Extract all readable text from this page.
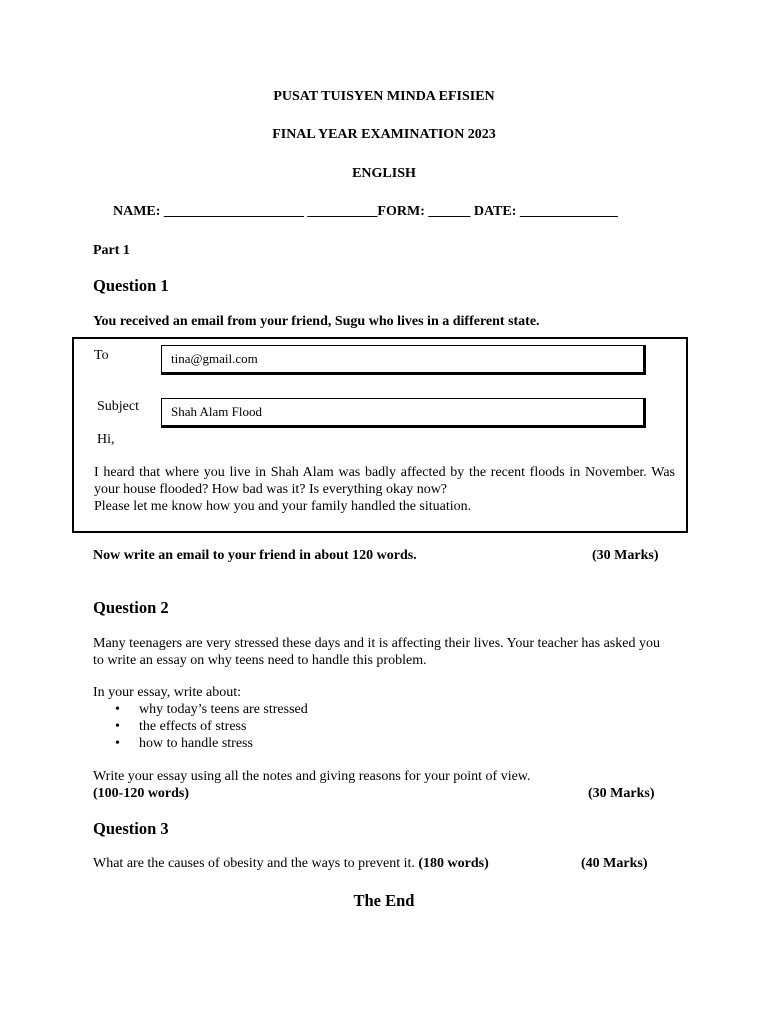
PUSAT TUISYEN MINDA EFISIEN
FINAL YEAR EXAMINATION 2023
ENGLISH
NAME: ____________________ __________FORM: ______ DATE: ______________
Part 1
Question 1
You received an email from your friend, Sugu who lives in a different state.
To	tina@gmail.com
Subject	Shah Alam Flood
Hi,
I heard that where you live in Shah Alam was badly affected by the recent floods in November. Was your house flooded? How bad was it? Is everything okay now?
Please let me know how you and your family handled the situation.
Now write an email to your friend in about 120 words.	(30 Marks)
Question 2
Many teenagers are very stressed these days and it is affecting their lives. Your teacher has asked you to write an essay on why teens need to handle this problem.
In your essay, write about:
• why today’s teens are stressed
• the effects of stress
• how to handle stress
Write your essay using all the notes and giving reasons for your point of view.
(100-120 words)	(30 Marks)
Question 3
What are the causes of obesity and the ways to prevent it. (180 words)	(40 Marks)
The End
